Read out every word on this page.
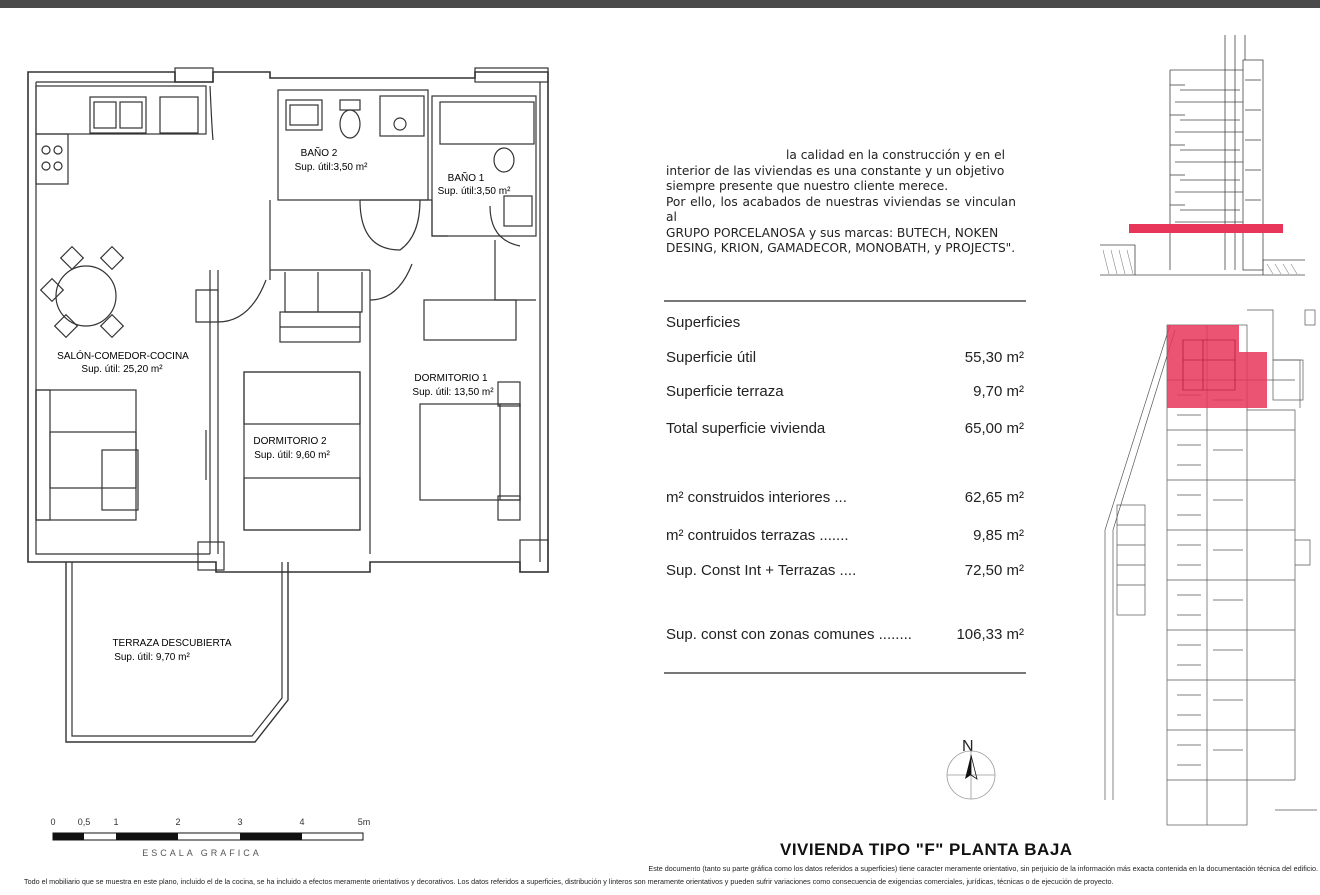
BAÑO 2
Sup. útil:3,50 m²
BAÑO 1
Sup. útil:3,50 m²
SALÓN-COMEDOR-COCINA
Sup. útil: 25,20 m²
DORMITORIO 1
Sup. útil: 13,50 m²
DORMITORIO 2
Sup. útil: 9,60 m²
TERRAZA DESCUBIERTA
Sup. útil: 9,70 m²
0 0,5	1	2	3	4	5m
ESCALA GRAFICA
la calidad en la construcción y en el
interior de las viviendas es una constante y un objetivo
siempre presente que nuestro cliente merece.
Por ello, los acabados de nuestras viviendas se vinculan al
GRUPO PORCELANOSA y sus marcas: BUTECH, NOKEN
DESING, KRION, GAMADECOR, MONOBATH, y PROJECTS".
Superficies
Superficie útil	55,30 m²
Superficie terraza	9,70 m²
Total superficie vivienda	65,00 m²
m² construidos interiores ...	62,65 m²
m² contruidos terrazas .......	9,85 m²
Sup. Const Int + Terrazas ....	72,50 m²
Sup. const con zonas comunes ........	106,33 m²
N
VIVIENDA TIPO "F" PLANTA BAJA
Este documento (tanto su parte gráfica como los datos referidos a superficies) tiene caracter meramente orientativo, sin perjuicio de la información más exacta contenida en la documentación técnica del edificio.
Todo el mobiliario que se muestra en este plano, incluido el de la cocina, se ha incluido a efectos meramente orientativos y decorativos. Los datos referidos a superficies, distribución y linteros son meramente orientativos y pueden sufrir variaciones como consecuencia de exigencias comerciales, jurídicas, técnicas o de ejecución de proyecto.
